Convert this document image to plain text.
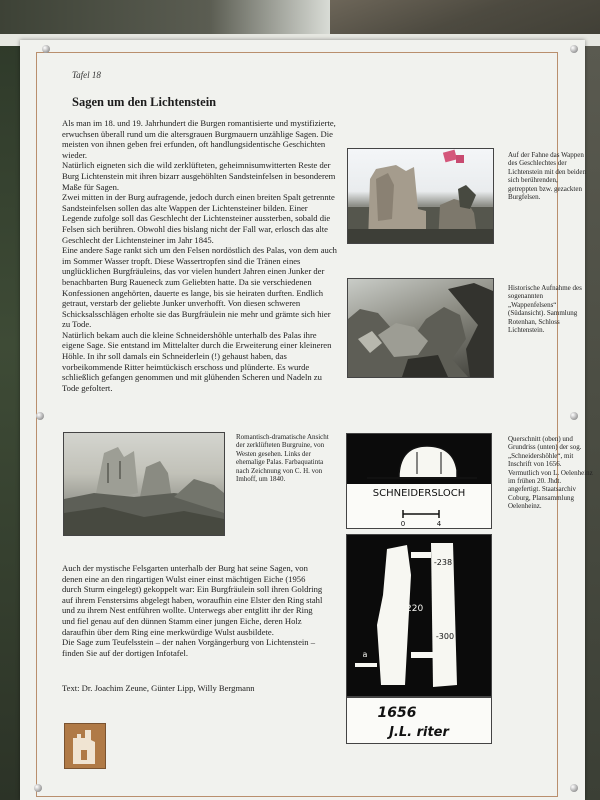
Tafel 18

Sagen um den Lichtenstein

Als man im 18. und 19. Jahrhundert die Burgen romantisierte und mystifizierte, erwuchsen überall rund um die altersgrauen Burgmauern unzählige Sagen. Die meisten von ihnen geben frei erfunden, oft handlungsidentische Geschichten wieder.

Natürlich eigneten sich die wild zerklüfteten, geheimnisumwitterten Reste der Burg Lichtenstein mit ihren bizarr ausgehöhlten Sandsteinfelsen in besonderem Maße für Sagen.

Zwei mitten in der Burg aufragende, jedoch durch einen breiten Spalt getrennte Sandsteinfelsen sollen das alte Wappen der Lichtensteiner bilden. Einer Legende zufolge soll das Geschlecht der Lichtensteiner aussterben, sobald die Felsen sich berühren. Obwohl dies bislang nicht der Fall war, erlosch das alte Geschlecht der Lichtensteiner im Jahr 1845.

Eine andere Sage rankt sich um den Felsen nordöstlich des Palas, von dem auch im Sommer Wasser tropft. Diese Wassertropfen sind die Tränen eines unglücklichen Burgfräuleins, das vor vielen hundert Jahren einen Junker der benachbarten Burg Raueneck zum Geliebten hatte. Da sie verschiedenen Konfessionen angehörten, dauerte es lange, bis sie heiraten durften. Endlich getraut, verstarb der geliebte Junker unverhofft. Von diesen schweren Schicksalsschlägen erholte sie das Burgfräulein nie mehr und grämte sich hier zu Tode.

Natürlich bekam auch die kleine Schneidershöhle unterhalb des Palas ihre eigene Sage. Sie entstand im Mittelalter durch die Erweiterung einer kleineren Höhle. In ihr soll damals ein Schneiderlein (!) gehaust haben, das vorbeikommende Ritter heimtückisch erschoss und plünderte. Es wurde schließlich gefangen genommen und mit glühenden Scheren und Nadeln zu Tode gefoltert.

Auf der Fahne das Wappen des Geschlechtes der Lichtenstein mit den beiden sich berührenden, getreppten bzw. gezackten Burgfelsen.
Historische Aufnahme des sogenannten „Wappenfelsens“ (Südansicht). Sammlung Rotenhan, Schloss Lichtenstein.
Romantisch-dramatische Ansicht der zerklüfteten Burgruine, von Westen gesehen. Links der ehemalige Palas. Farbaquatinta nach Zeichnung von C. H. von Imhoff, um 1840.
SCHNEIDERSLOCH
0	4
Querschnitt (oben) und Grundriss (unten) der sog. „Schneidershöhle“, mit Inschrift von 1656. Vermutlich von L. Oelenheinz im frühen 20. Jhdt. angefertigt. Staatsarchiv Coburg, Plansammlung Oelenheinz.
-238
-220
-300
a
1656
J.L. riter

Auch der mystische Felsgarten unterhalb der Burg hat seine Sagen, von denen eine an den ringartigen Wulst einer einst mächtigen Eiche (1956 durch Sturm eingelegt) gekoppelt war: Ein Burgfräulein soll ihren Goldring auf ihrem Fenstersims abgelegt haben, woraufhin eine Elster den Ring stahl und zu ihrem Nest entführen wollte. Unterwegs aber entglitt ihr der Ring und fiel genau auf den dünnen Stamm einer jungen Eiche, deren Holz daraufhin über dem Ring eine merkwürdige Wulst ausbildete.

Die Sage zum Teufelsstein – der nahen Vorgängerburg von Lichtenstein – finden Sie auf der dortigen Infotafel.

Text: Dr. Joachim Zeune, Günter Lipp, Willy Bergmann
